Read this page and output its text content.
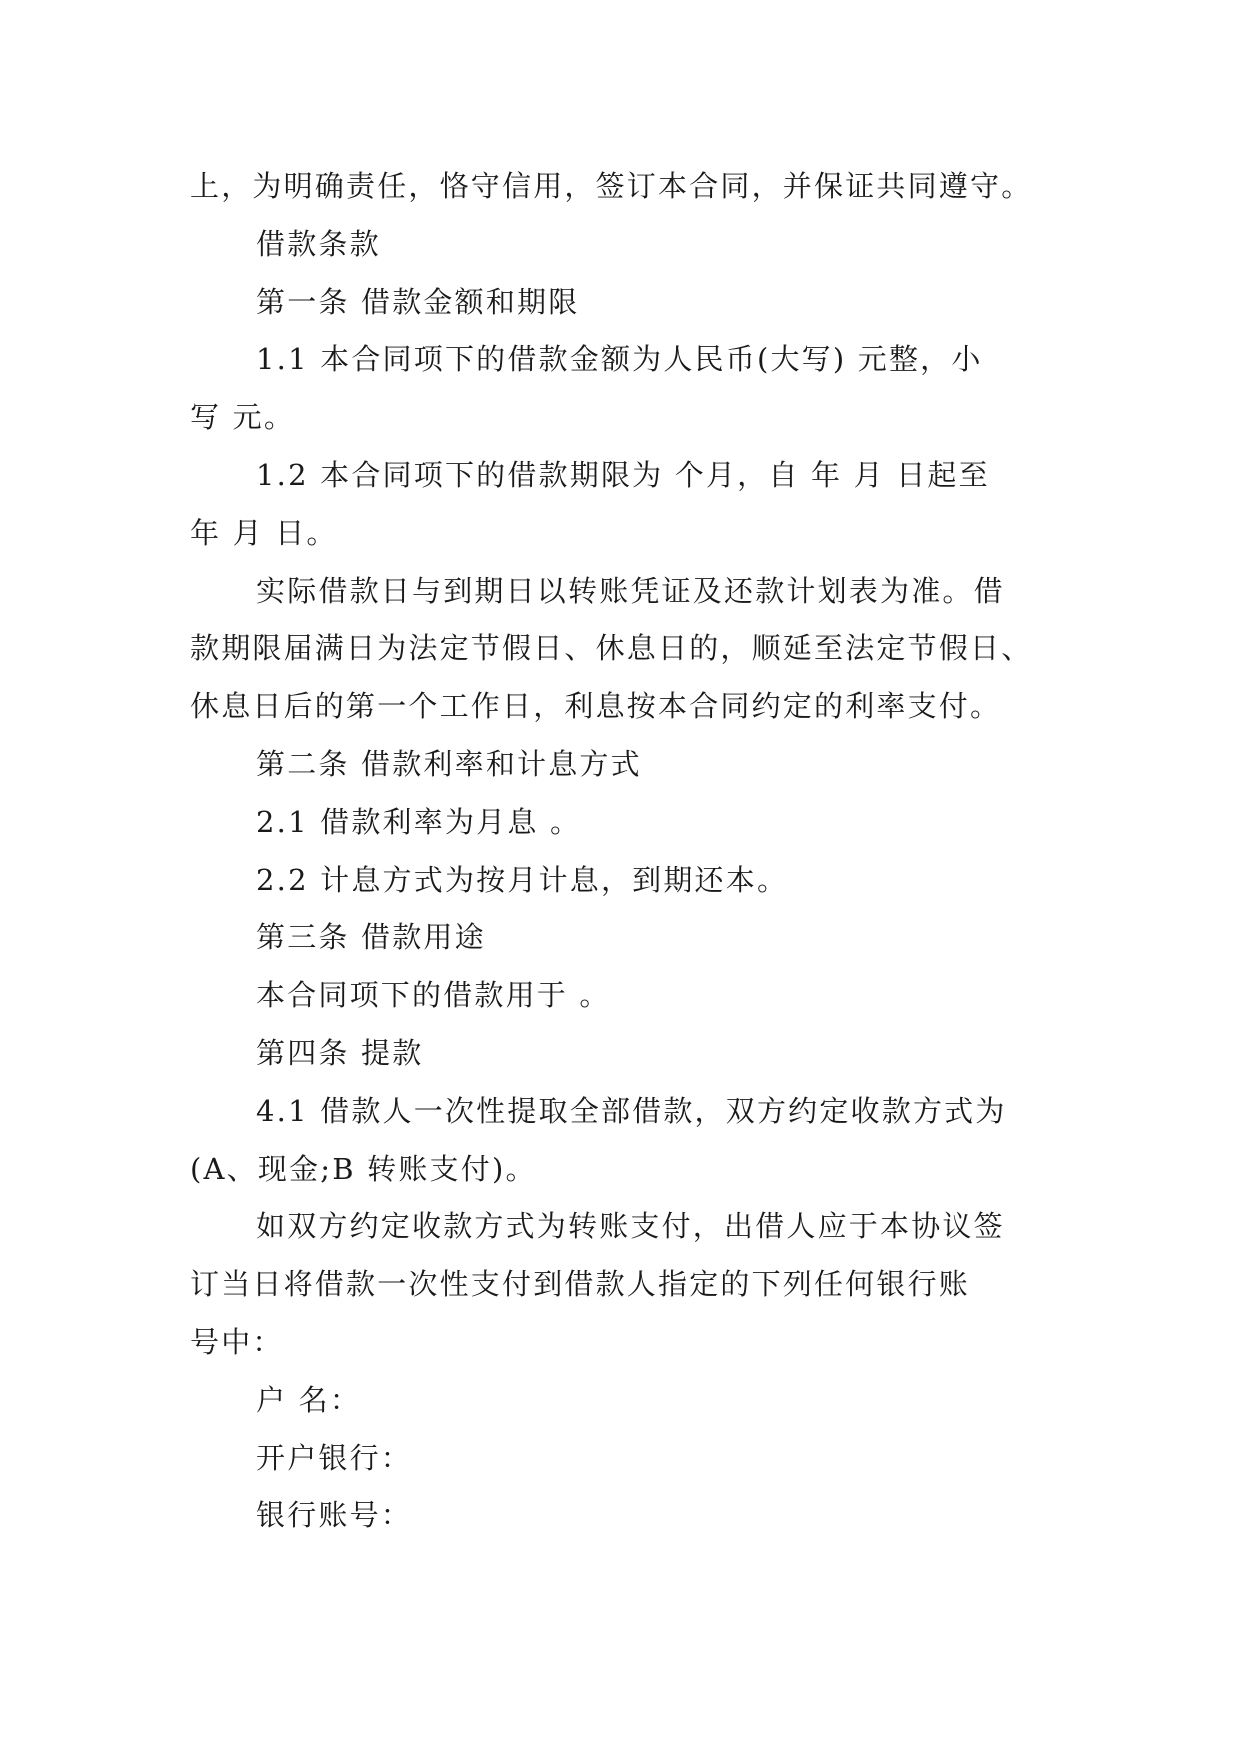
上，为明确责任，恪守信用，签订本合同，并保证共同遵守。
借款条款
第一条 借款金额和期限
1.1 本合同项下的借款金额为人民币(大写) 元整，小
写 元。
1.2 本合同项下的借款期限为 个月，自 年 月 日起至
年 月 日。
实际借款日与到期日以转账凭证及还款计划表为准。借
款期限届满日为法定节假日、休息日的，顺延至法定节假日、
休息日后的第一个工作日，利息按本合同约定的利率支付。
第二条 借款利率和计息方式
2.1 借款利率为月息 。
2.2 计息方式为按月计息，到期还本。
第三条 借款用途
本合同项下的借款用于 。
第四条 提款
4.1 借款人一次性提取全部借款，双方约定收款方式为
(A、现金;B 转账支付)。
如双方约定收款方式为转账支付，出借人应于本协议签
订当日将借款一次性支付到借款人指定的下列任何银行账
号中：
户 名：
开户银行：
银行账号：
